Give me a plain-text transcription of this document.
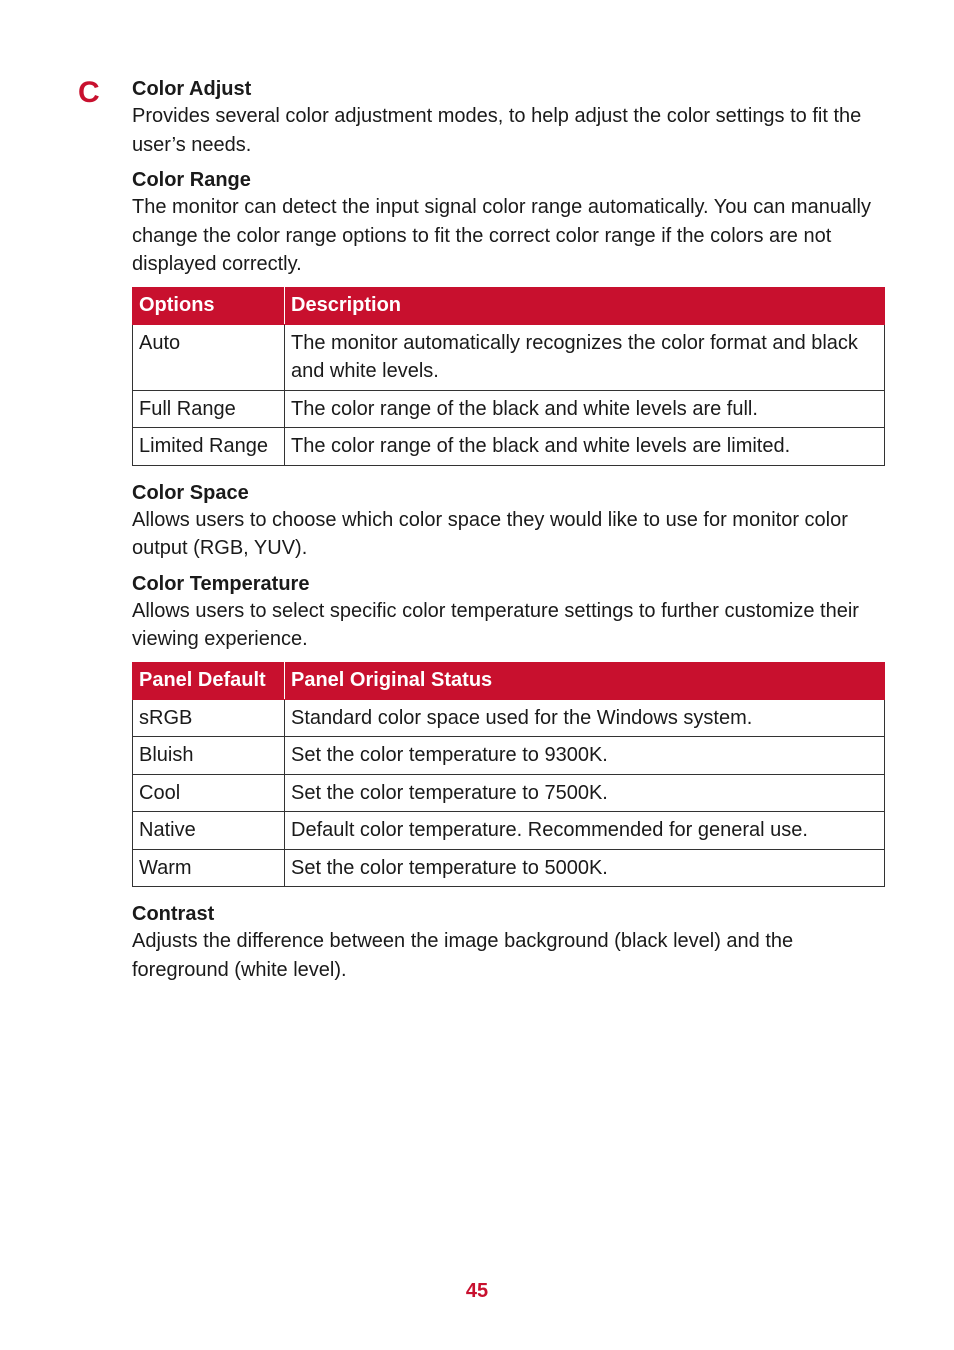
C Color Adjust

Provides several color adjustment modes, to help adjust the color settings to fit the user’s needs.

Color Range

The monitor can detect the input signal color range automatically. You can manually change the color range options to fit the correct color range if the colors are not displayed correctly.

Options	Description
Auto	The monitor automatically recognizes the color format and black and white levels.
Full Range	The color range of the black and white levels are full.
Limited Range	The color range of the black and white levels are limited.

Color Space

Allows users to choose which color space they would like to use for monitor color output (RGB, YUV).

Color Temperature

Allows users to select specific color temperature settings to further customize their viewing experience.

Panel Default	Panel Original Status
sRGB	Standard color space used for the Windows system.
Bluish	Set the color temperature to 9300K.
Cool	Set the color temperature to 7500K.
Native	Default color temperature. Recommended for general use.
Warm	Set the color temperature to 5000K.

Contrast

Adjusts the difference between the image background (black level) and the foreground (white level).

45
